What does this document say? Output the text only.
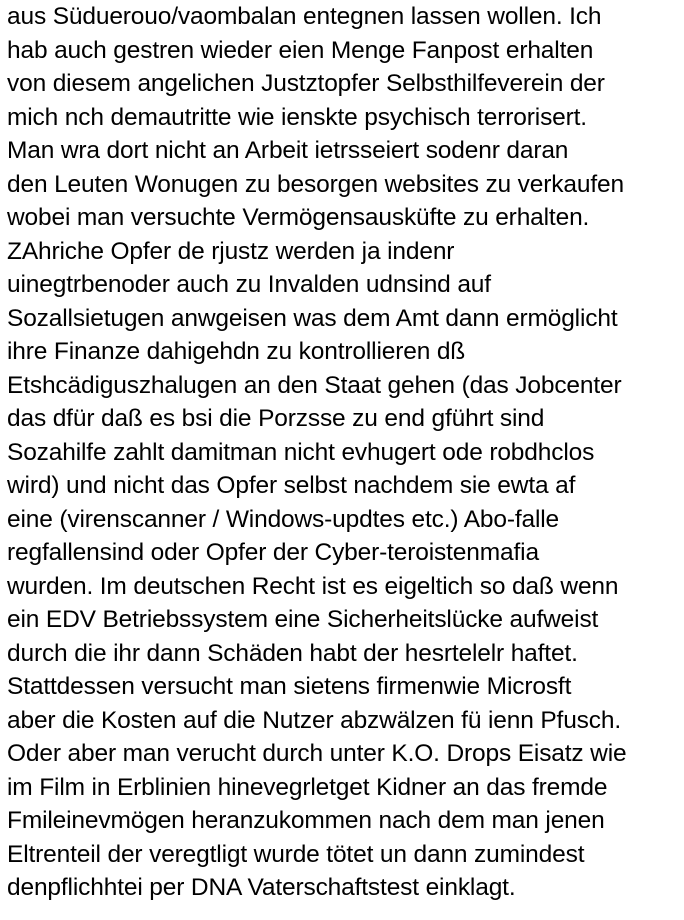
aus Süduerouo/vaombalan entegnen lassen wollen. Ich
hab auch gestren wieder eien Menge Fanpost erhalten
von diesem angelichen Justztopfer Selbsthilfeverein der
mich nch demautritte wie ienskte psychisch terrorisert.
Man wra dort nicht an Arbeit ietrsseiert sodenr daran
den Leuten Wonugen zu besorgen websites zu verkaufen
wobei man versuchte Vermögensausküfte zu erhalten.
ZAhriche Opfer de rjustz werden ja indenr
uinegtrbenoder auch zu Invalden udnsind auf
Sozallsietugen anwgeisen was dem Amt dann ermöglicht
ihre Finanze dahigehdn zu kontrollieren dß
Etshcädiguszhalugen an den Staat gehen (das Jobcenter
das dfür daß es bsi die Porzsse zu end gführt sind
Sozahilfe zahlt damitman nicht evhugert ode robdhclos
wird) und nicht das Opfer selbst nachdem sie ewta af
eine (virenscanner / Windows-updtes etc.) Abo-falle
regfallensind oder Opfer der Cyber-teroistenmafia
wurden. Im deutschen Recht ist es eigeltich so daß wenn
ein EDV Betriebssystem eine Sicherheitslücke aufweist
durch die ihr dann Schäden habt der hesrtelelr haftet.
Stattdessen versucht man sietens firmenwie Microsft
aber die Kosten auf die Nutzer abzwälzen fü ienn Pfusch.
Oder aber man verucht durch unter K.O. Drops Eisatz wie
im Film in Erblinien hinevegrletget Kidner an das fremde
Fmileinevmögen heranzukommen nach dem man jenen
Eltrenteil der veregtligt wurde tötet un dann zumindest
denpflichhtei per DNA Vaterschaftstest einklagt.
